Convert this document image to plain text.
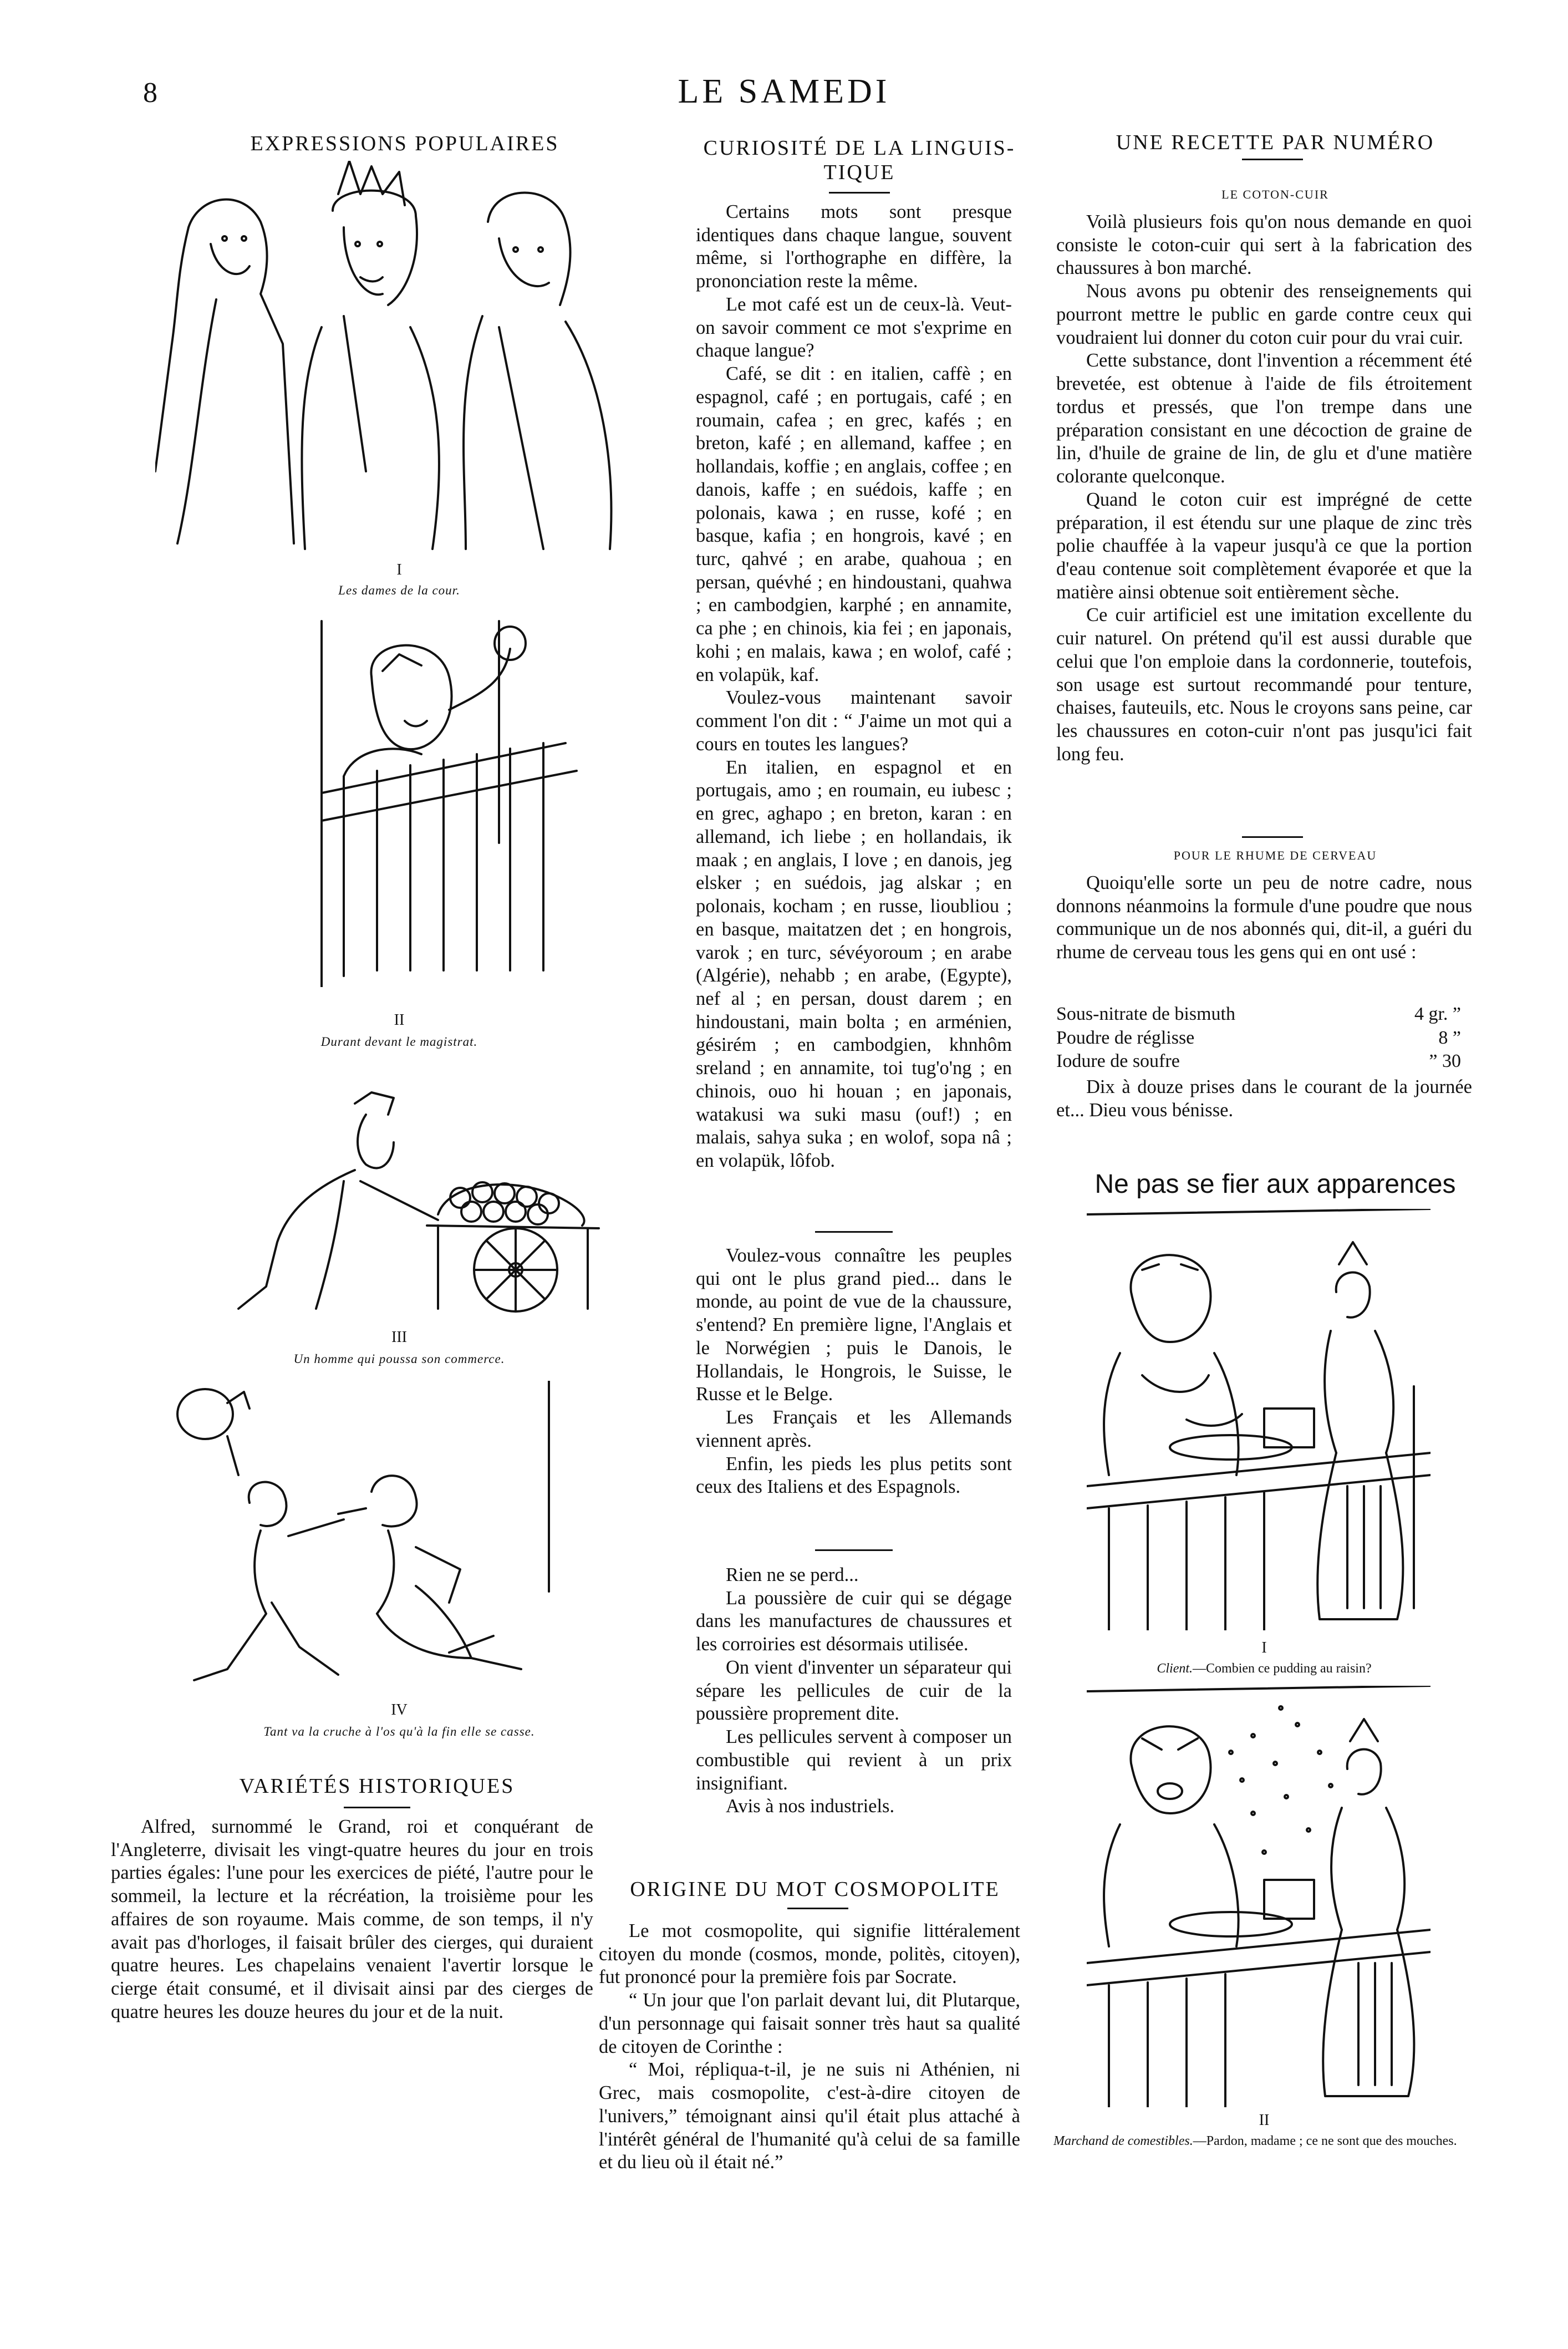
8	LE SAMEDI
EXPRESSIONS POPULAIRES
I
Les dames de la cour.
II
Durant devant le magistrat.
III
Un homme qui poussa son commerce.
IV
Tant va la cruche à l'os qu'à la fin elle se casse.
VARIÉTÉS HISTORIQUES

Alfred, surnommé le Grand, roi et conquérant de l'Angleterre, divisait les vingt-quatre heures du jour en trois parties égales: l'une pour les exercices de piété, l'autre pour le sommeil, la lecture et la récréation, la troisième pour les affaires de son royaume. Mais comme, de son temps, il n'y avait pas d'horloges, il faisait brûler des cierges, qui duraient quatre heures. Les chapelains venaient l'avertir lorsque le cierge était consumé, et il divisait ainsi par des cierges de quatre heures les douze heures du jour et de la nuit.

CURIOSITÉ DE LA LINGUIS-
TIQUE

Certains mots sont presque identiques dans chaque langue, souvent même, si l'orthographe en diffère, la prononciation reste la même.

Le mot café est un de ceux-là. Veut-on savoir comment ce mot s'exprime en chaque langue?

Café, se dit : en italien, caffè ; en espagnol, café ; en portugais, café ; en roumain, cafea ; en grec, kafés ; en breton, kafé ; en allemand, kaffee ; en hollandais, koffie ; en anglais, coffee ; en danois, kaffe ; en suédois, kaffe ; en polonais, kawa ; en russe, kofé ; en basque, kafia ; en hongrois, kavé ; en turc, qahvé ; en arabe, quahoua ; en persan, quévhé ; en hindoustani, quahwa ; en cambodgien, karphé ; en annamite, ca phe ; en chinois, kia fei ; en japonais, kohi ; en malais, kawa ; en wolof, café ; en volapük, kaf.

Voulez-vous maintenant savoir comment l'on dit : “ J'aime un mot qui a cours en toutes les langues?

En italien, en espagnol et en portugais, amo ; en roumain, eu iubesc ; en grec, aghapo ; en breton, karan : en allemand, ich liebe ; en hollandais, ik maak ; en anglais, I love ; en danois, jeg elsker ; en suédois, jag alskar ; en polonais, kocham ; en russe, lioubliou ; en basque, maitatzen det ; en hongrois, varok ; en turc, sévéyoroum ; en arabe (Algérie), nehabb ; en arabe, (Egypte), nef al ; en persan, doust darem ; en hindoustani, main bolta ; en arménien, gésirém ; en cambodgien, khnhôm sreland ; en annamite, toi tug'o'ng ; en chinois, ouo hi houan ; en japonais, watakusi wa suki masu (ouf!) ; en malais, sahya suka ; en wolof, sopa nâ ; en volapük, lôfob.

Voulez-vous connaître les peuples qui ont le plus grand pied... dans le monde, au point de vue de la chaussure, s'entend? En première ligne, l'Anglais et le Norwégien ; puis le Danois, le Hollandais, le Hongrois, le Suisse, le Russe et le Belge.

Les Français et les Allemands viennent après.

Enfin, les pieds les plus petits sont ceux des Italiens et des Espagnols.

Rien ne se perd...

La poussière de cuir qui se dégage dans les manufactures de chaussures et les corroiries est désormais utilisée.

On vient d'inventer un séparateur qui sépare les pellicules de cuir de la poussière proprement dite.

Les pellicules servent à composer un combustible qui revient à un prix insignifiant.

Avis à nos industriels.

ORIGINE DU MOT COSMOPOLITE

Le mot cosmopolite, qui signifie littéralement citoyen du monde (cosmos, monde, politès, citoyen), fut prononcé pour la première fois par Socrate.

“ Un jour que l'on parlait devant lui, dit Plutarque, d'un personnage qui faisait sonner très haut sa qualité de citoyen de Corinthe :

“ Moi, répliqua-t-il, je ne suis ni Athénien, ni Grec, mais cosmopolite, c'est-à-dire citoyen de l'univers,” témoignant ainsi qu'il était plus attaché à l'intérêt général de l'humanité qu'à celui de sa famille et du lieu où il était né.”

UNE RECETTE PAR NUMÉRO
LE COTON-CUIR

Voilà plusieurs fois qu'on nous demande en quoi consiste le coton-cuir qui sert à la fabrication des chaussures à bon marché.

Nous avons pu obtenir des renseignements qui pourront mettre le public en garde contre ceux qui voudraient lui donner du coton cuir pour du vrai cuir.

Cette substance, dont l'invention a récemment été brevetée, est obtenue à l'aide de fils étroitement tordus et pressés, que l'on trempe dans une préparation consistant en une décoction de graine de lin, d'huile de graine de lin, de glu et d'une matière colorante quelconque.

Quand le coton cuir est imprégné de cette préparation, il est étendu sur une plaque de zinc très polie chauffée à la vapeur jusqu'à ce que la portion d'eau contenue soit complètement évaporée et que la matière ainsi obtenue soit entièrement sèche.

Ce cuir artificiel est une imitation excellente du cuir naturel. On prétend qu'il est aussi durable que celui que l'on emploie dans la cordonnerie, toutefois, son usage est surtout recommandé pour tenture, chaises, fauteuils, etc. Nous le croyons sans peine, car les chaussures en coton-cuir n'ont pas jusqu'ici fait long feu.

POUR LE RHUME DE CERVEAU

Quoiqu'elle sorte un peu de notre cadre, nous donnons néanmoins la formule d'une poudre que nous communique un de nos abonnés qui, dit-il, a guéri du rhume de cerveau tous les gens qui en ont usé :

Sous-nitrate de bismuth	4 gr. ”
Poudre de réglisse	8 ”
Iodure de soufre	” 30

Dix à douze prises dans le courant de la journée et... Dieu vous bénisse.

Ne pas se fier aux apparences
I
Client.—Combien ce pudding au raisin?
II
Marchand de comestibles.—Pardon, madame ; ce ne sont que des mouches.
